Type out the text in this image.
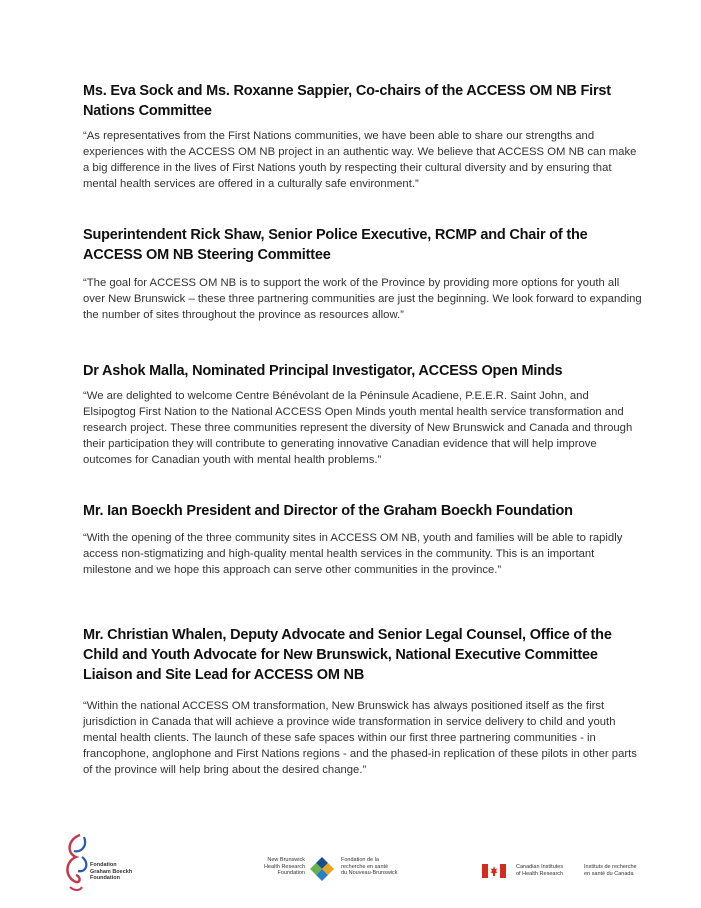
Ms. Eva Sock and Ms. Roxanne Sappier, Co-chairs of the ACCESS OM NB First Nations Committee
“As representatives from the First Nations communities, we have been able to share our strengths and experiences with the ACCESS OM NB project in an authentic way. We believe that ACCESS OM NB can make a big difference in the lives of First Nations youth by respecting their cultural diversity and by ensuring that mental health services are offered in a culturally safe environment.”
Superintendent Rick Shaw, Senior Police Executive, RCMP and Chair of the ACCESS OM NB Steering Committee
“The goal for ACCESS OM NB is to support the work of the Province by providing more options for youth all over New Brunswick – these three partnering communities are just the beginning. We look forward to expanding the number of sites throughout the province as resources allow.”
Dr Ashok Malla, Nominated Principal Investigator, ACCESS Open Minds
“We are delighted to welcome Centre Bénévolant de la Péninsule Acadiene, P.E.E.R. Saint John, and Elsipogtog First Nation to the National ACCESS Open Minds youth mental health service transformation and research project. These three communities represent the diversity of New Brunswick and Canada and through their participation they will contribute to generating innovative Canadian evidence that will help improve outcomes for Canadian youth with mental health problems.”
Mr. Ian Boeckh President and Director of the Graham Boeckh Foundation
“With the opening of the three community sites in ACCESS OM NB, youth and families will be able to rapidly access non-stigmatizing and high-quality mental health services in the community. This is an important milestone and we hope this approach can serve other communities in the province.”
Mr. Christian Whalen, Deputy Advocate and Senior Legal Counsel, Office of the Child and Youth Advocate for New Brunswick, National Executive Committee Liaison and Site Lead for ACCESS OM NB
“Within the national ACCESS OM transformation, New Brunswick has always positioned itself as the first jurisdiction in Canada that will achieve a province wide transformation in service delivery to child and youth mental health clients. The launch of these safe spaces within our first three partnering communities - in francophone, anglophone and First Nations regions - and the phased-in replication of these pilots in other parts of the province will help bring about the desired change.”
Fondation
Graham Boeckh
Foundation
New Brunswick
Health Research
Foundation
Fondation de la
recherche en santé
du Nouveau-Brunswick
Canadian Institutes
of Health Research
Instituts de recherche
en santé du Canada
